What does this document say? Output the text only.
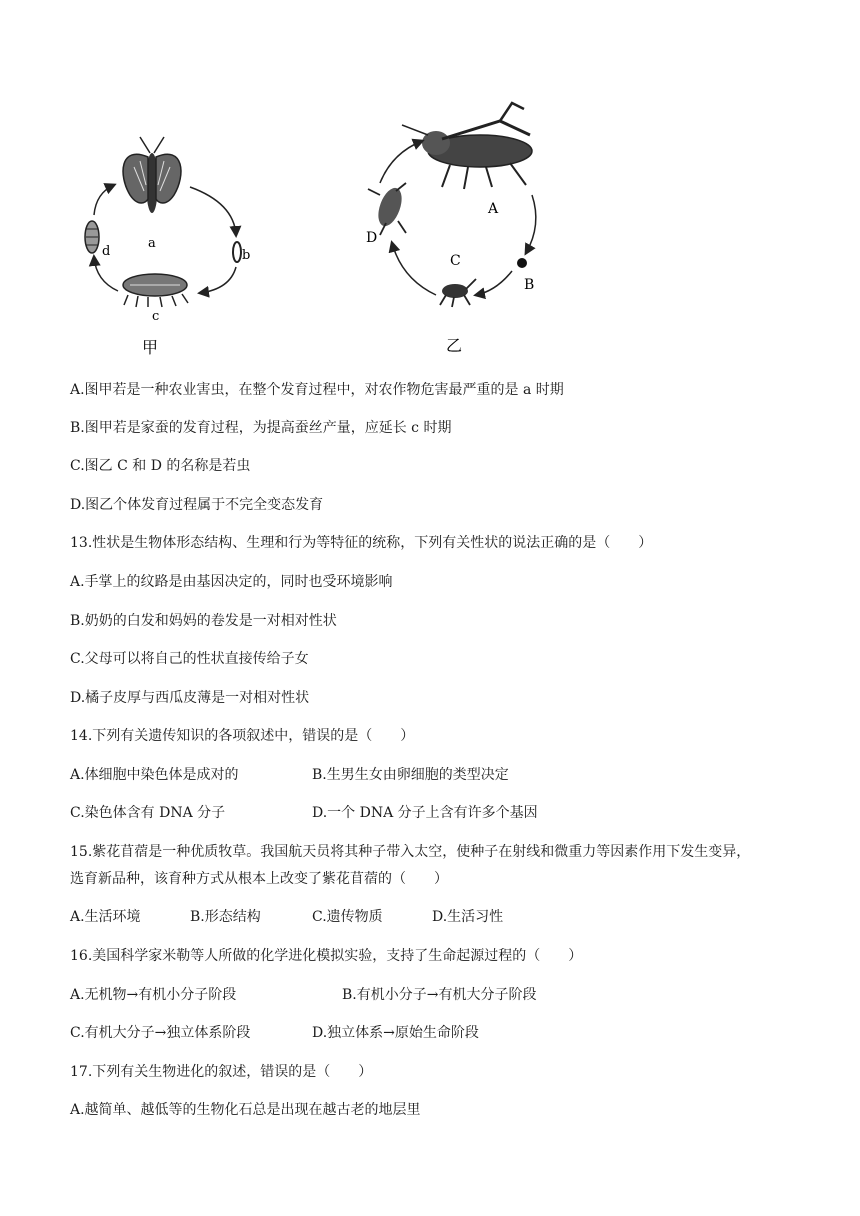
a
b
c
d
甲
A
B
C
D
乙
A.图甲若是一种农业害虫，在整个发育过程中，对农作物危害最严重的是 a 时期
B.图甲若是家蚕的发育过程，为提高蚕丝产量，应延长 c 时期
C.图乙 C 和 D 的名称是若虫
D.图乙个体发育过程属于不完全变态发育
13.性状是生物体形态结构、生理和行为等特征的统称，下列有关性状的说法正确的是（　　）
A.手掌上的纹路是由基因决定的，同时也受环境影响
B.奶奶的白发和妈妈的卷发是一对相对性状
C.父母可以将自己的性状直接传给子女
D.橘子皮厚与西瓜皮薄是一对相对性状
14.下列有关遗传知识的各项叙述中，错误的是（　　）
A.体细胞中染色体是成对的	B.生男生女由卵细胞的类型决定
C.染色体含有 DNA 分子	D.一个 DNA 分子上含有许多个基因
15.紫花苜蓿是一种优质牧草。我国航天员将其种子带入太空，使种子在射线和微重力等因素作用下发生变异，
选育新品种，该育种方式从根本上改变了紫花苜蓿的（　　）
A.生活环境	B.形态结构	C.遗传物质	D.生活习性
16.美国科学家米勒等人所做的化学进化模拟实验，支持了生命起源过程的（　　）
A.无机物→有机小分子阶段	B.有机小分子→有机大分子阶段
C.有机大分子→独立体系阶段	D.独立体系→原始生命阶段
17.下列有关生物进化的叙述，错误的是（　　）
A.越简单、越低等的生物化石总是出现在越古老的地层里
